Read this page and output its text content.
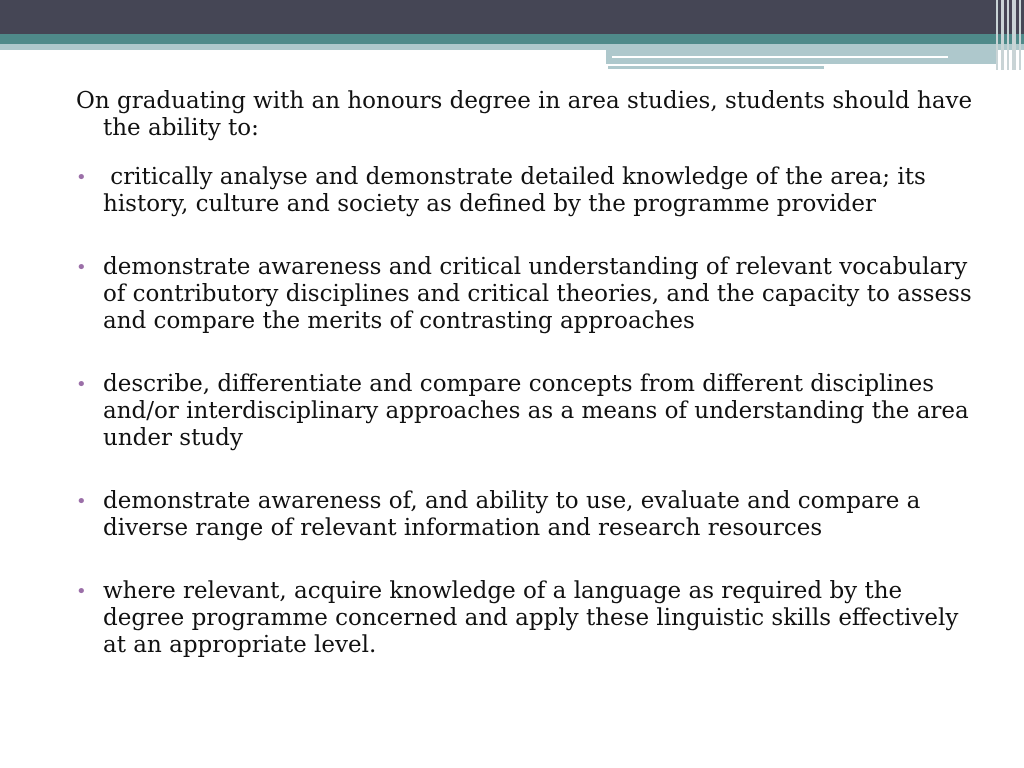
On graduating with an honours degree in area studies, students should have the ability to:

• critically analyse and demonstrate detailed knowledge of the area; its history, culture and society as defined by the programme provider
• demonstrate awareness and critical understanding of relevant vocabulary of contributory disciplines and critical theories, and the capacity to assess and compare the merits of contrasting approaches
• describe, differentiate and compare concepts from different disciplines and/or interdisciplinary approaches as a means of understanding the area under study
• demonstrate awareness of, and ability to use, evaluate and compare a diverse range of relevant information and research resources
• where relevant, acquire knowledge of a language as required by the degree programme concerned and apply these linguistic skills effectively at an appropriate level.
